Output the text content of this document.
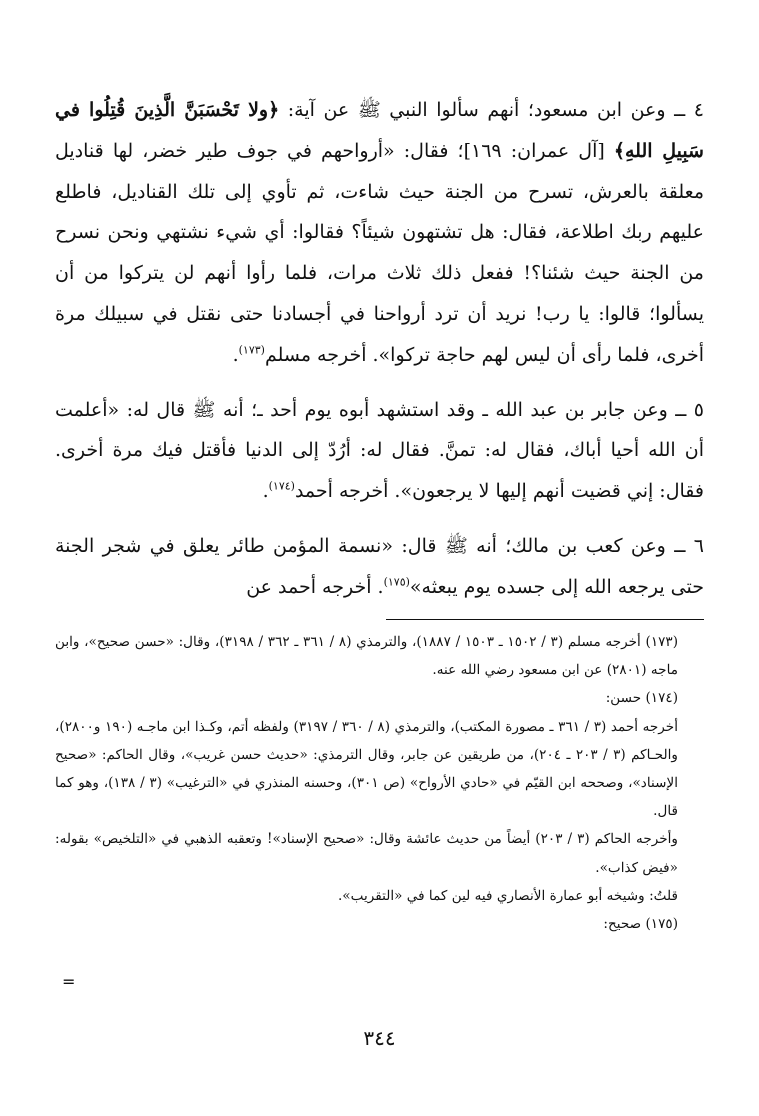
٤ ــ وعن ابن مسعود؛ أنهم سألوا النبي ﷺ عن آية: ﴿ولا تَحْسَبَنَّ الَّذِينَ قُتِلُوا في سَبِيلِ اللهِ﴾ [آل عمران: ١٦٩]؛ فقال: «أرواحهم في جوف طير خضر، لها قناديل معلقة بالعرش، تسرح من الجنة حيث شاءت، ثم تأوي إلى تلك القناديل، فاطلع عليهم ربك اطلاعة، فقال: هل تشتهون شيئاً؟ فقالوا: أي شيء نشتهي ونحن نسرح من الجنة حيث شئنا؟! ففعل ذلك ثلاث مرات، فلما رأوا أنهم لن يتركوا من أن يسألوا؛ قالوا: يا رب! نريد أن ترد أرواحنا في أجسادنا حتى نقتل في سبيلك مرة أخرى، فلما رأى أن ليس لهم حاجة تركوا». أخرجه مسلم$^{(١٧٣)}$.

٥ ــ وعن جابر بن عبد الله ـ وقد استشهد أبوه يوم أحد ـ؛ أنه ﷺ قال له: «أعلمت أن الله أحيا أباك، فقال له: تمنَّ. فقال له: أرُدّ إلى الدنيا فأقتل فيك مرة أخرى. فقال: إني قضيت أنهم إليها لا يرجعون». أخرجه أحمد$^{(١٧٤)}$.

٦ ــ وعن كعب بن مالك؛ أنه ﷺ قال: «نسمة المؤمن طائر يعلق في شجر الجنة حتى يرجعه الله إلى جسده يوم يبعثه»$^{(١٧٥)}$. أخرجه أحمد عن

(١٧٣) أخرجه مسلم (٣ / ١٥٠٢ ـ ١٥٠٣ / ١٨٨٧)، والترمذي (٨ / ٣٦١ ـ ٣٦٢ / ٣١٩٨)، وقال: «حسن صحيح»، وابن ماجه (٢٨٠١) عن ابن مسعود رضي الله عنه.

(١٧٤) حسن:

أخرجه أحمد (٣ / ٣٦١ ـ مصورة المكتب)، والترمذي (٨ / ٣٦٠ / ٣١٩٧) ولفظه أتم، وكـذا ابن ماجـه (١٩٠ و٢٨٠٠)، والحـاكم (٣ / ٢٠٣ ـ ٢٠٤)، من طريقين عن جابر، وقال الترمذي: «حديث حسن غريب»، وقال الحاكم: «صحيح الإسناد»، وصححه ابن القيّم في «حادي الأرواح» (ص ٣٠١)، وحسنه المنذري في «الترغيب» (٣ / ١٣٨)، وهو كما قال.

وأخرجه الحاكم (٣ / ٢٠٣) أيضاً من حديث عائشة وقال: «صحيح الإسناد»! وتعقبه الذهبي في «التلخيص» بقوله: «فيض كذاب».

قلتُ: وشيخه أبو عمارة الأنصاري فيه لين كما في «التقريب».

(١٧٥) صحيح:

=
٣٤٤
